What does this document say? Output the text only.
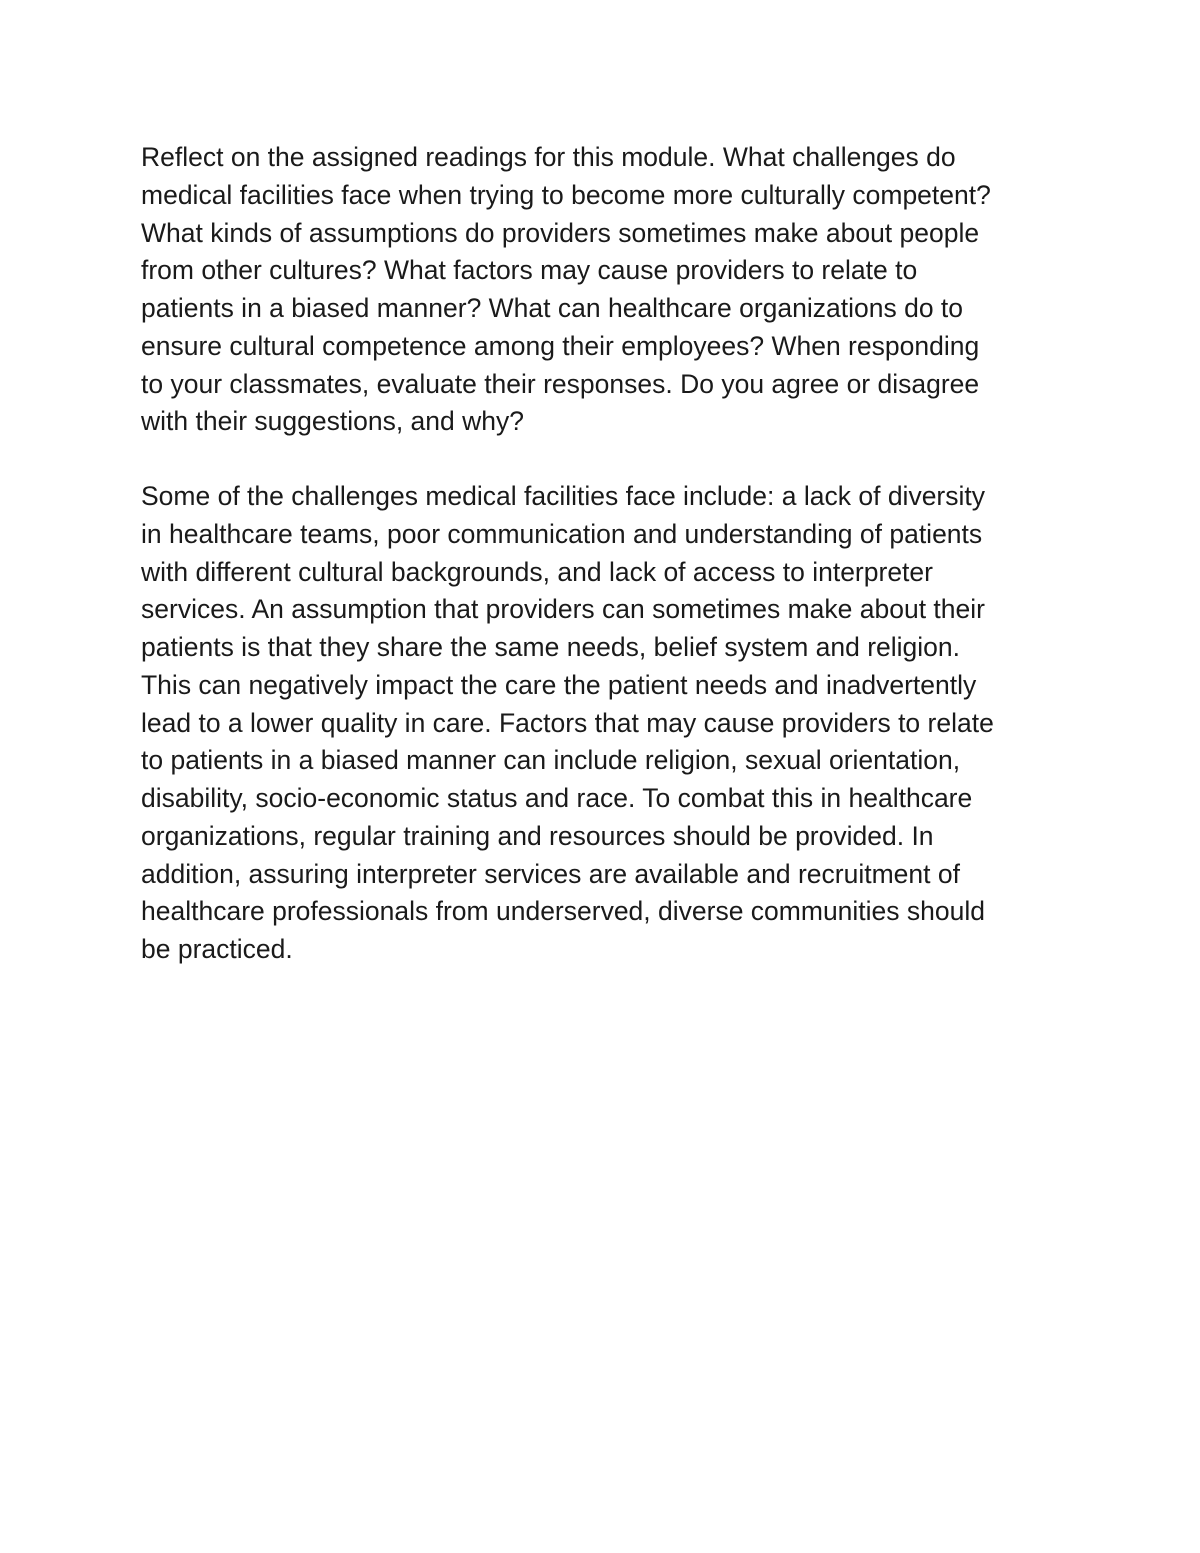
Reflect on the assigned readings for this module. What challenges do
medical facilities face when trying to become more culturally competent?
What kinds of assumptions do providers sometimes make about people
from other cultures? What factors may cause providers to relate to
patients in a biased manner? What can healthcare organizations do to
ensure cultural competence among their employees? When responding
to your classmates, evaluate their responses. Do you agree or disagree
with their suggestions, and why?
Some of the challenges medical facilities face include: a lack of diversity
in healthcare teams, poor communication and understanding of patients
with different cultural backgrounds, and lack of access to interpreter
services. An assumption that providers can sometimes make about their
patients is that they share the same needs, belief system and religion.
This can negatively impact the care the patient needs and inadvertently
lead to a lower quality in care. Factors that may cause providers to relate
to patients in a biased manner can include religion, sexual orientation,
disability, socio-economic status and race. To combat this in healthcare
organizations, regular training and resources should be provided. In
addition, assuring interpreter services are available and recruitment of
healthcare professionals from underserved, diverse communities should
be practiced.
